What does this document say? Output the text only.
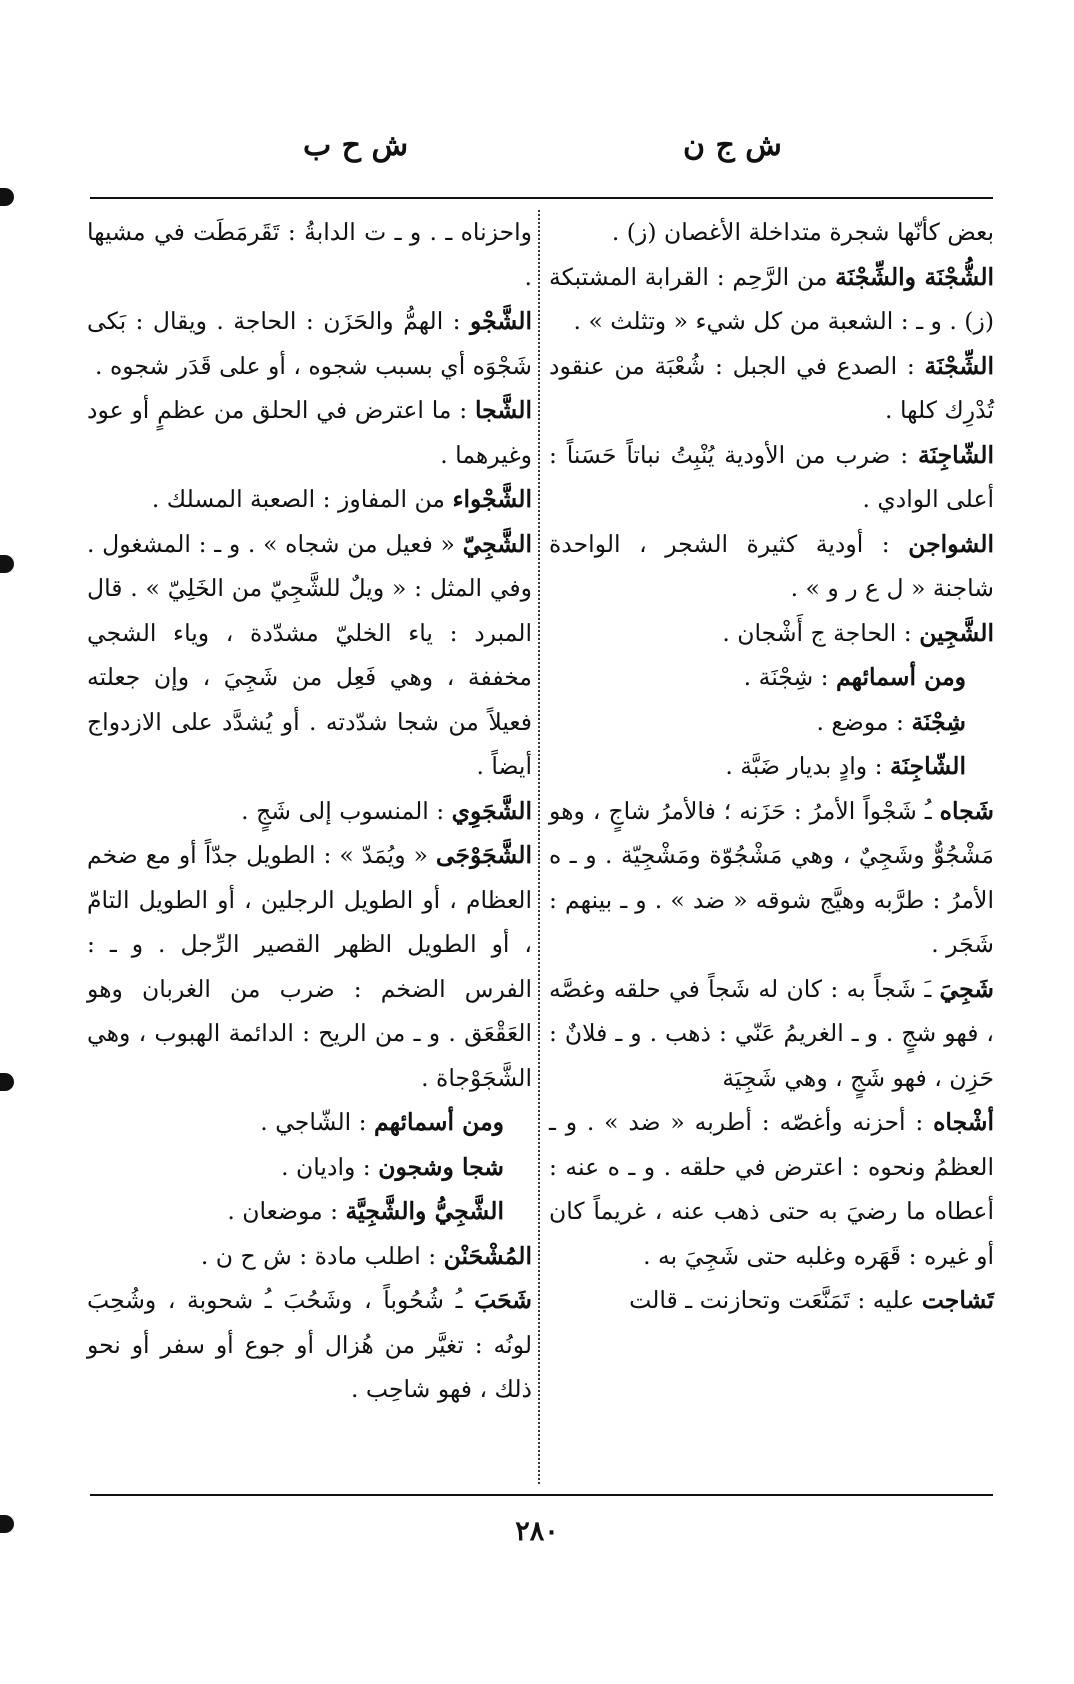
ش ج ن
ش ح ب

بعض كأنّها شجرة متداخلة الأغصان (ز) .

الشُّجْنَة والشِّجْنَة من الرَّحِم : القرابة المشتبكة (ز) . و ـ : الشعبة من كل شيء « وتثلث » .

الشِّجْنَة : الصدع في الجبل : شُعْبَة من عنقود تُدْرِك كلها .

الشّاجِنَة : ضرب من الأودية يُنْبِتُ نباتاً حَسَناً : أعلى الوادي .

الشواجن : أودية كثيرة الشجر ، الواحدة شاجنة « ل ع ر و » .

الشَّجِين : الحاجة ج أَشْجان .

ومن أسمائهم : شِجْنَة .

شِجْنَة : موضع .

الشّاجِنَة : وادٍ بديار ضَبَّة .

شَجاه ـُ شَجْواً الأمرُ : حَزَنه ؛ فالأمرُ شاجٍ ، وهو مَشْجُوٌّ وشَجِيٌ ، وهي مَشْجُوّة ومَشْجِيّة . و ـ ه الأمرُ : طرَّبه وهيَّج شوقه « ضد » . و ـ بينهم : شَجَر .

شَجِيَ ـَ شَجاً به : كان له شَجاً في حلقه وغصَّه ، فهو شجٍ . و ـ الغريمُ عَنّي : ذهب . و ـ فلانٌ : حَزِن ، فهو شَجٍ ، وهي شَجِيَة

أشْجاه : أحزنه وأغصّه : أطربه « ضد » . و ـ العظمُ ونحوه : اعترض في حلقه . و ـ ه عنه : أعطاه ما رضيَ به حتى ذهب عنه ، غريماً كان أو غيره : قَهَره وغلبه حتى شَجِيَ به .

تَشاجت عليه : تَمَنَّعَت وتحازنت ـ قالت

واحزناه ـ . و ـ ت الدابةُ : تَقَرمَطَت في مشيها .

الشَّجْو : الهمُّ والحَزَن : الحاجة . ويقال : بَكى شَجْوَه أي بسبب شجوه ، أو على قَدَر شجوه .

الشَّجا : ما اعترض في الحلق من عظمٍ أو عود وغيرهما .

الشَّجْواء من المفاوز : الصعبة المسلك .

الشَّجِيّ « فعيل من شجاه » . و ـ : المشغول . وفي المثل : « ويلٌ للشَّجِيّ من الخَلِيّ » . قال المبرد : ياء الخليّ مشدّدة ، وياء الشجي مخففة ، وهي فَعِل من شَجِيَ ، وإن جعلته فعيلاً من شجا شدّدته . أو يُشدَّد على الازدواج أيضاً .

الشَّجَوِي : المنسوب إلى شَجٍ .

الشَّجَوْجَى « ويُمَدّ » : الطويل جدّاً أو مع ضخم العظام ، أو الطويل الرجلين ، أو الطويل التامّ ، أو الطويل الظهر القصير الرِّجل . و ـ : الفرس الضخم : ضرب من الغربان وهو العَقْعَق . و ـ من الريح : الدائمة الهبوب ، وهي الشَّجَوْجاة .

ومن أسمائهم : الشّاجي .

شجا وشجون : واديان .

الشَّجِيُّ والشَّجِيَّة : موضعان .

المُشْحَنْن : اطلب مادة : ش ح ن .

شَحَبَ ـُ شُحُوباً ، وشَحُبَ ـُ شحوبة ، وشُحِبَ لونُه : تغيَّر من هُزال أو جوع أو سفر أو نحو ذلك ، فهو شاحِب .

٢٨٠
